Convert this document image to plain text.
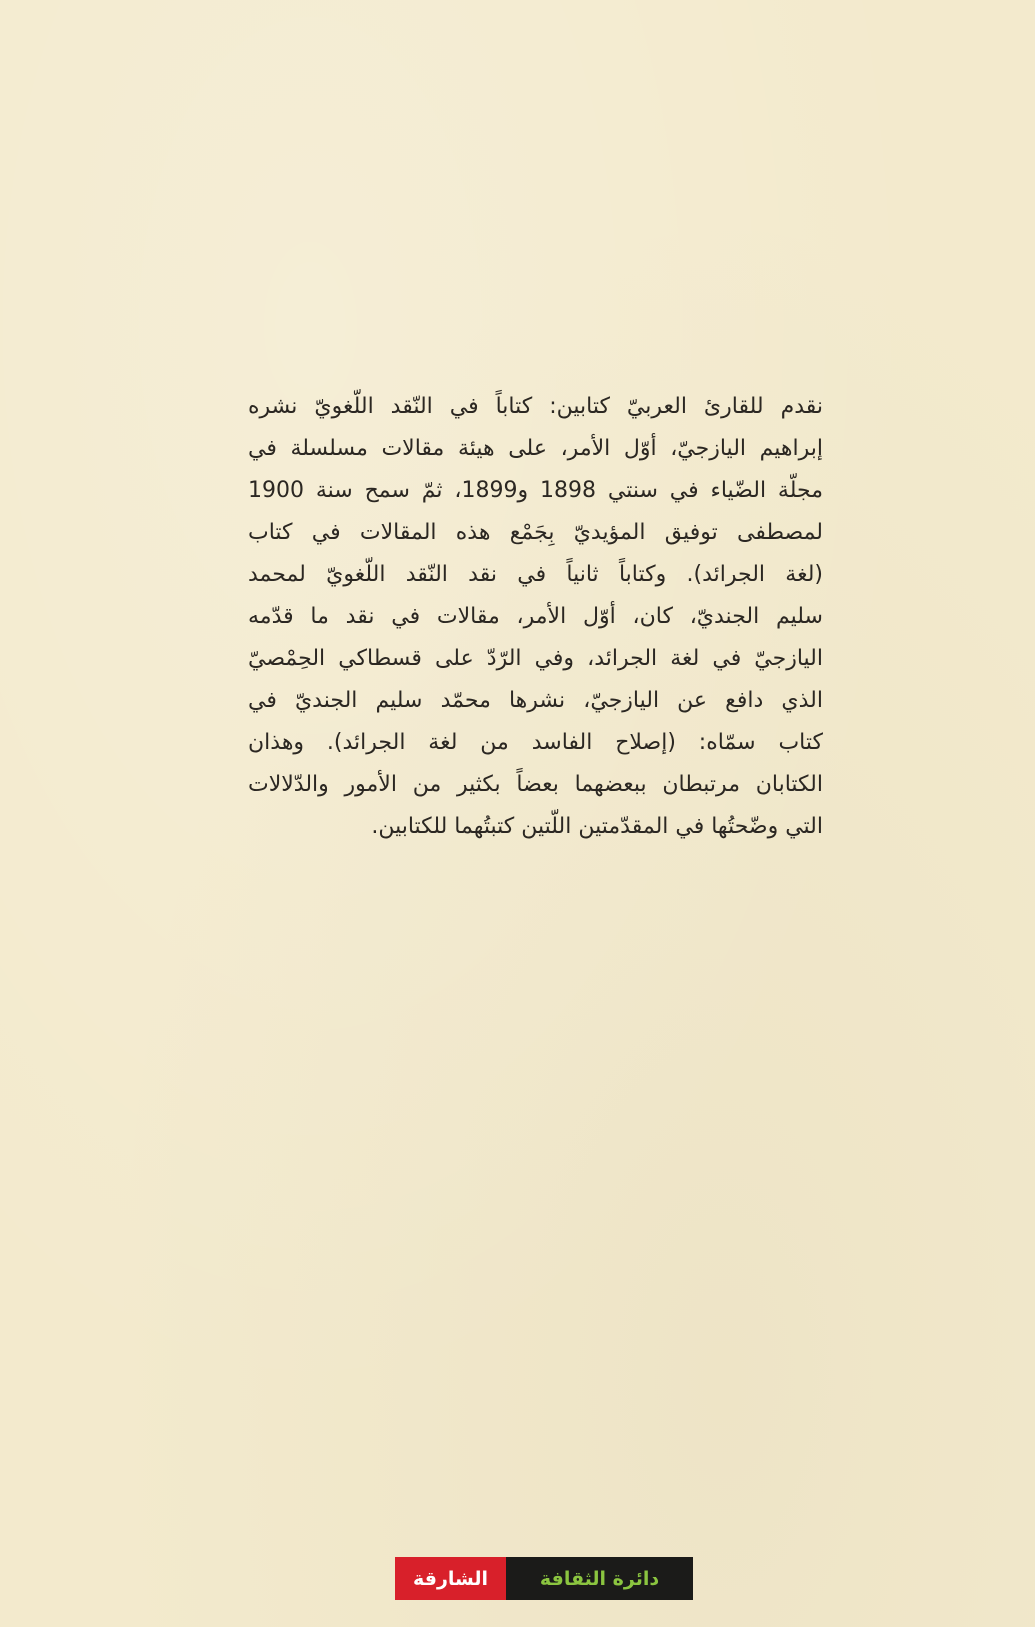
نقدم للقارئ العربيّ كتابين: كتاباً في النّقد اللّغويّ نشره

إبراهيم اليازجيّ، أوّل الأمر، على هيئة مقالات مسلسلة في

مجلّة الضّياء في سنتي 1898 و1899، ثمّ سمح سنة 1900

لمصطفى توفيق المؤيديّ بِجَمْع هذه المقالات في كتاب

(لغة الجرائد). وكتاباً ثانياً في نقد النّقد اللّغويّ لمحمد

سليم الجنديّ، كان، أوّل الأمر، مقالات في نقد ما قدّمه

اليازجيّ في لغة الجرائد، وفي الرّدّ على قسطاكي الحِمْصيّ

الذي دافع عن اليازجيّ، نشرها محمّد سليم الجنديّ في

كتاب سمّاه: (إصلاح الفاسد من لغة الجرائد). وهذان

الكتابان مرتبطان ببعضهما بعضاً بكثير من الأمور والدّلالات

التي وضّحتُها في المقدّمتين اللّتين كتبتُهما للكتابين.

الشارقة	دائرة الثقافة
